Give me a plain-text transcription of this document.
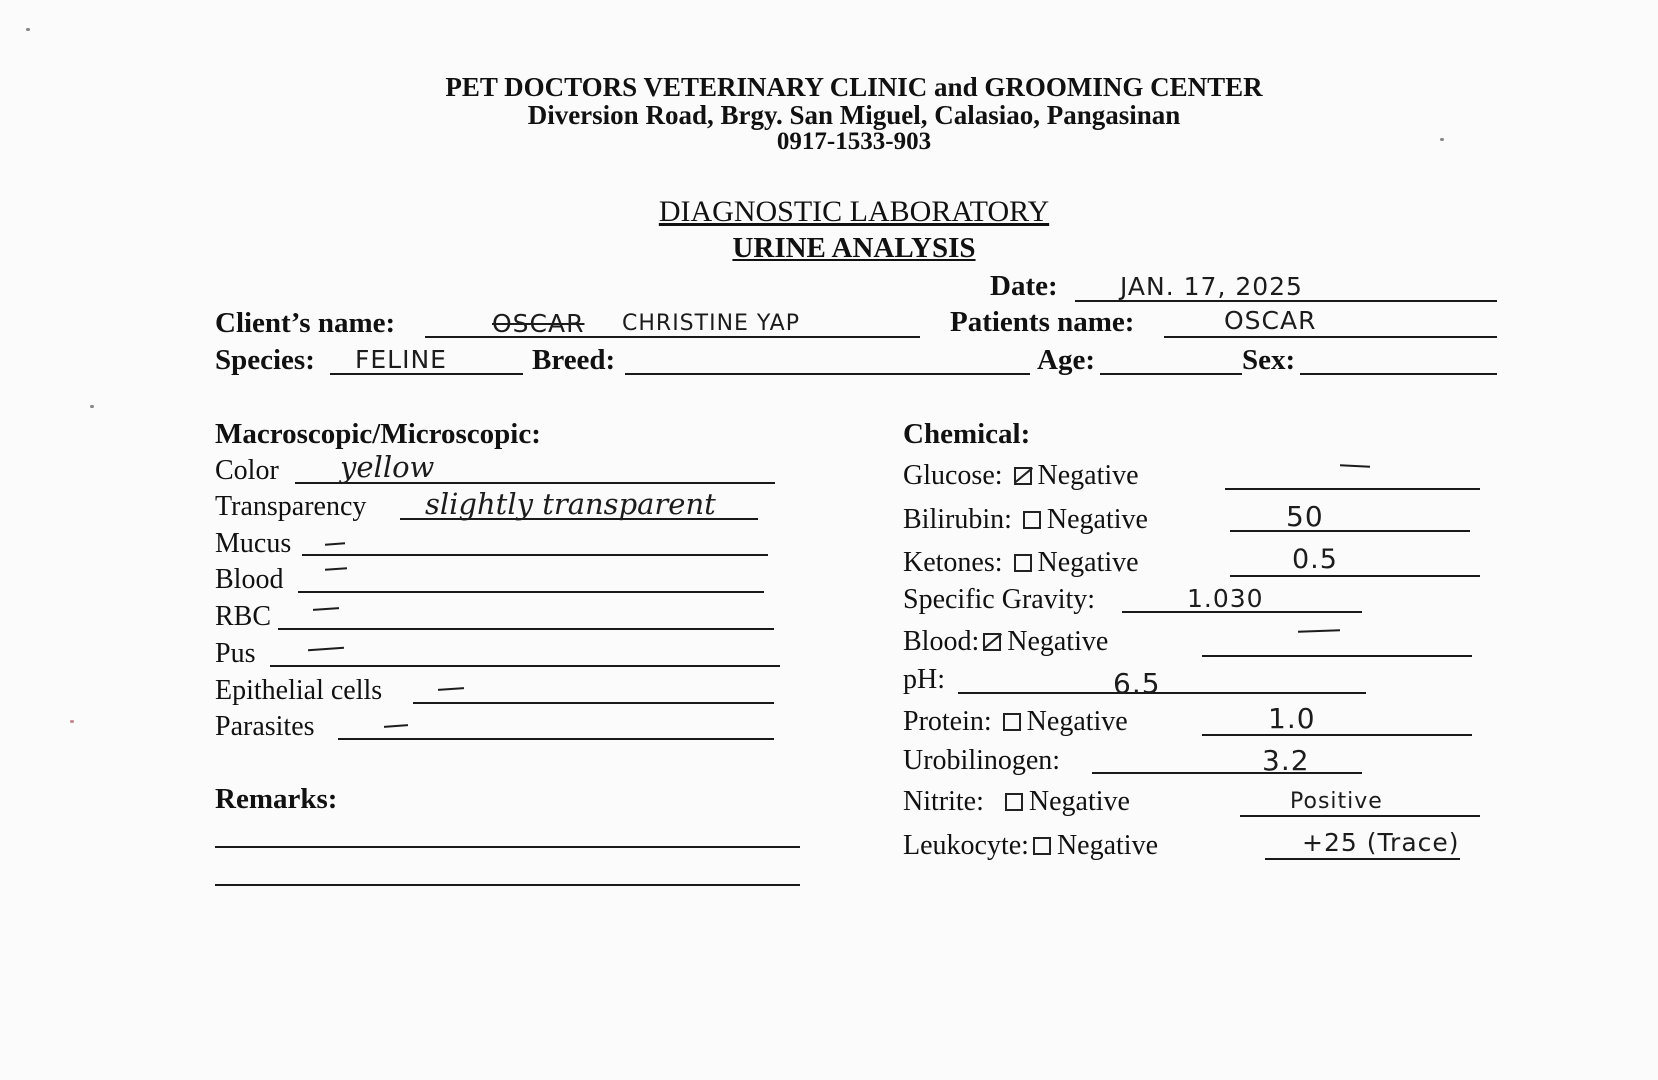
PET DOCTORS VETERINARY CLINIC and GROOMING CENTER
Diversion Road, Brgy. San Miguel, Calasiao, Pangasinan
0917-1533-903
DIAGNOSTIC LABORATORY
URINE ANALYSIS
Date: JAN. 17, 2025
Client’s name:	OSCAR CHRISTINE YAP	Patients name:	OSCAR
Species: FELINE	Breed:	Age:	Sex:
Macroscopic/Microscopic:
Color yellow
Transparency slightly transparent
Mucus
Blood
RBC
Pus
Epithelial cells
Parasites
Remarks:
Chemical:
Glucose: Negative
Bilirubin: Negative	50
Ketones: Negative	0.5
Specific Gravity:	1.030
Blood: Negative
pH:	6.5
Protein: Negative	1.0
Urobilinogen:	3.2
Nitrite: Negative	Positive
Leukocyte: Negative	+25 (Trace)
